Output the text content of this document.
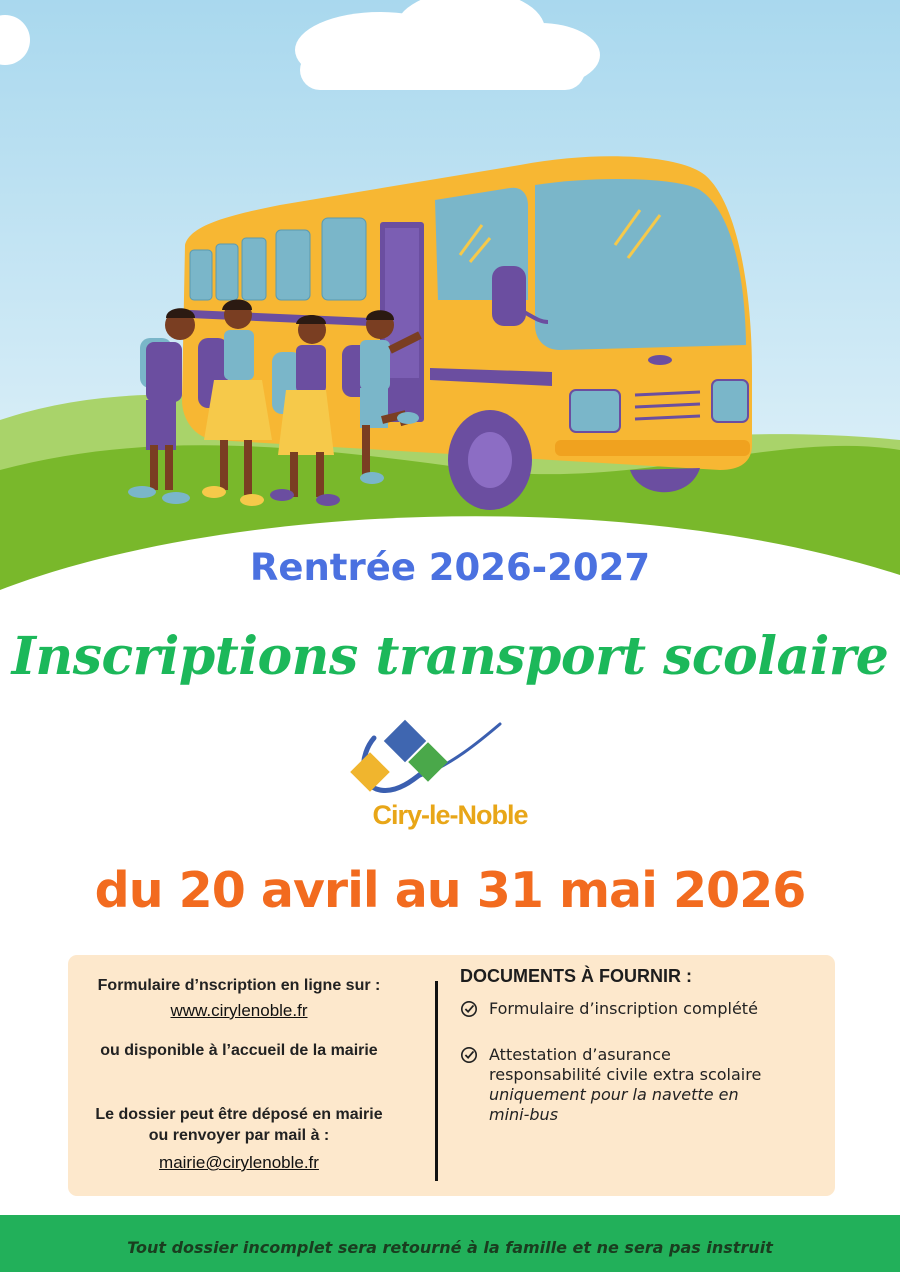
Rentrée 2026-2027
Inscriptions transport scolaire
Ciry-le-Noble
du 20 avril au 31 mai 2026
Formulaire d’nscription en ligne sur :
www.cirylenoble.fr
ou disponible à l’accueil de la mairie
Le dossier peut être déposé en mairie
ou renvoyer par mail à :
mairie@cirylenoble.fr
DOCUMENTS À FOURNIR :
Formulaire d’inscription complété
Attestation d’asurance
responsabilité civile extra scolaire
uniquement pour la navette en
mini-bus
Tout dossier incomplet sera retourné à la famille et ne sera pas instruit
